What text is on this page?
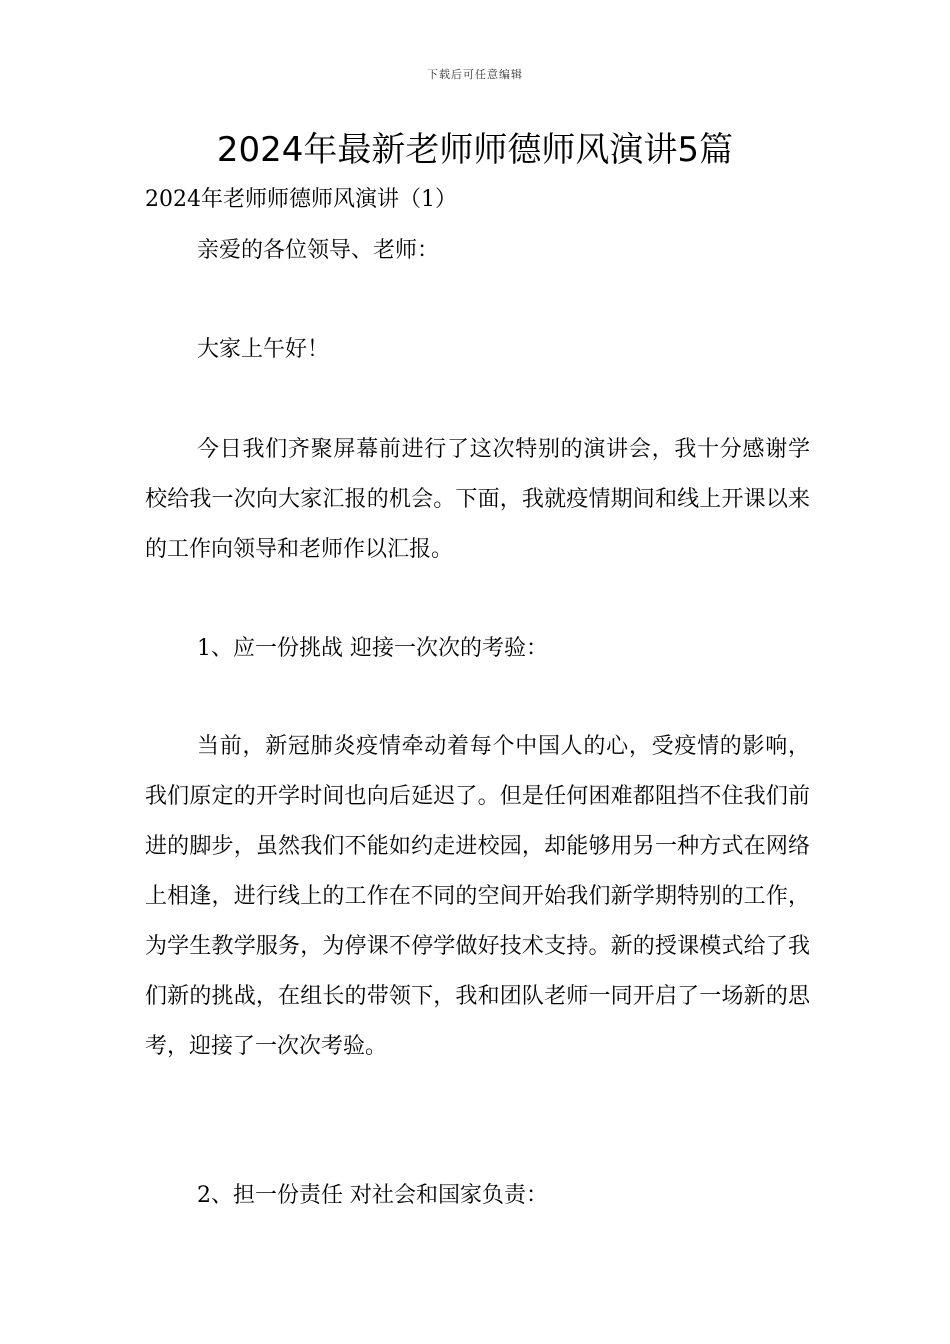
下载后可任意编辑
2024年最新老师师德师风演讲5篇
2024年老师师德师风演讲（1）

亲爱的各位领导、老师：

大家上午好！

今日我们齐聚屏幕前进行了这次特别的演讲会，我十分感谢学校给我一次向大家汇报的机会。下面，我就疫情期间和线上开课以来的工作向领导和老师作以汇报。

1、应一份挑战 迎接一次次的考验：

当前，新冠肺炎疫情牵动着每个中国人的心，受疫情的影响，我们原定的开学时间也向后延迟了。但是任何困难都阻挡不住我们前进的脚步，虽然我们不能如约走进校园，却能够用另一种方式在网络上相逢，进行线上的工作在不同的空间开始我们新学期特别的工作，为学生教学服务，为停课不停学做好技术支持。新的授课模式给了我们新的挑战，在组长的带领下，我和团队老师一同开启了一场新的思考，迎接了一次次考验。

2、担一份责任 对社会和国家负责：
